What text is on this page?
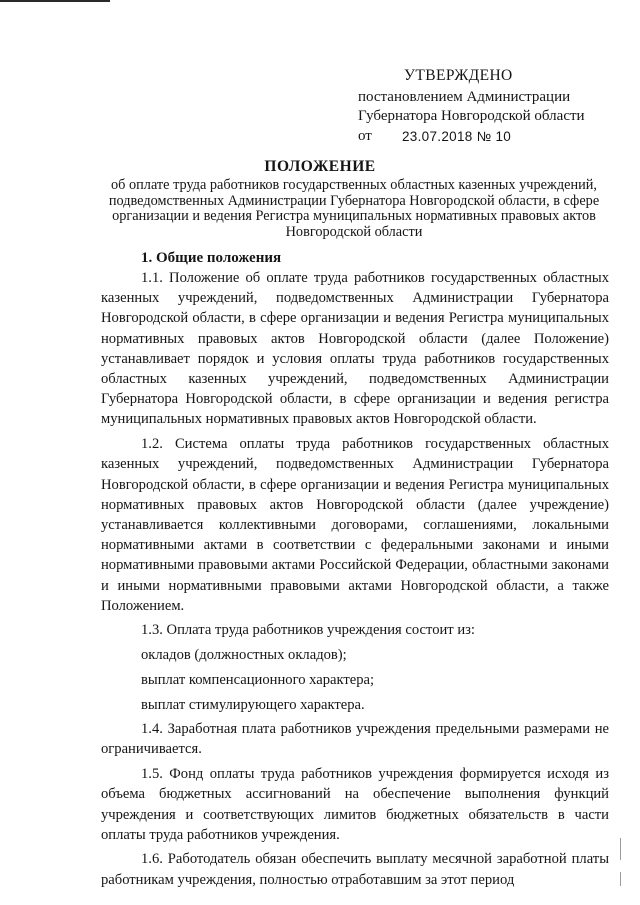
УТВЕРЖДЕНО
постановлением Администрации
Губернатора Новгородской области
от	23.07.2018 № 10
ПОЛОЖЕНИЕ
об оплате труда работников государственных областных казенных учреждений, подведомственных Администрации Губернатора Новгородской области, в сфере организации и ведения Регистра муниципальных нормативных правовых актов Новгородской области
1. Общие положения

1.1. Положение об оплате труда работников государственных областных казенных учреждений, подведомственных Администрации Губернатора Новгородской области, в сфере организации и ведения Регистра муниципальных нормативных правовых актов Новгородской области (далее Положение) устанавливает порядок и условия оплаты труда работников государственных областных казенных учреждений, подведомственных Администрации Губернатора Новгородской области, в сфере организации и ведения регистра муниципальных нормативных правовых актов Новгородской области.

1.2. Система оплаты труда работников государственных областных казенных учреждений, подведомственных Администрации Губернатора Новгородской области, в сфере организации и ведения Регистра муниципальных нормативных правовых актов Новгородской области (далее учреждение) устанавливается коллективными договорами, соглашениями, локальными нормативными актами в соответствии с федеральными законами и иными нормативными правовыми актами Российской Федерации, областными законами и иными нормативными правовыми актами Новгородской области, а также Положением.

1.3. Оплата труда работников учреждения состоит из:

окладов (должностных окладов);

выплат компенсационного характера;

выплат стимулирующего характера.

1.4. Заработная плата работников учреждения предельными размерами не ограничивается.

1.5. Фонд оплаты труда работников учреждения формируется исходя из объема бюджетных ассигнований на обеспечение выполнения функций учреждения и соответствующих лимитов бюджетных обязательств в части оплаты труда работников учреждения.

1.6. Работодатель обязан обеспечить выплату месячной заработной платы работникам учреждения, полностью отработавшим за этот период
